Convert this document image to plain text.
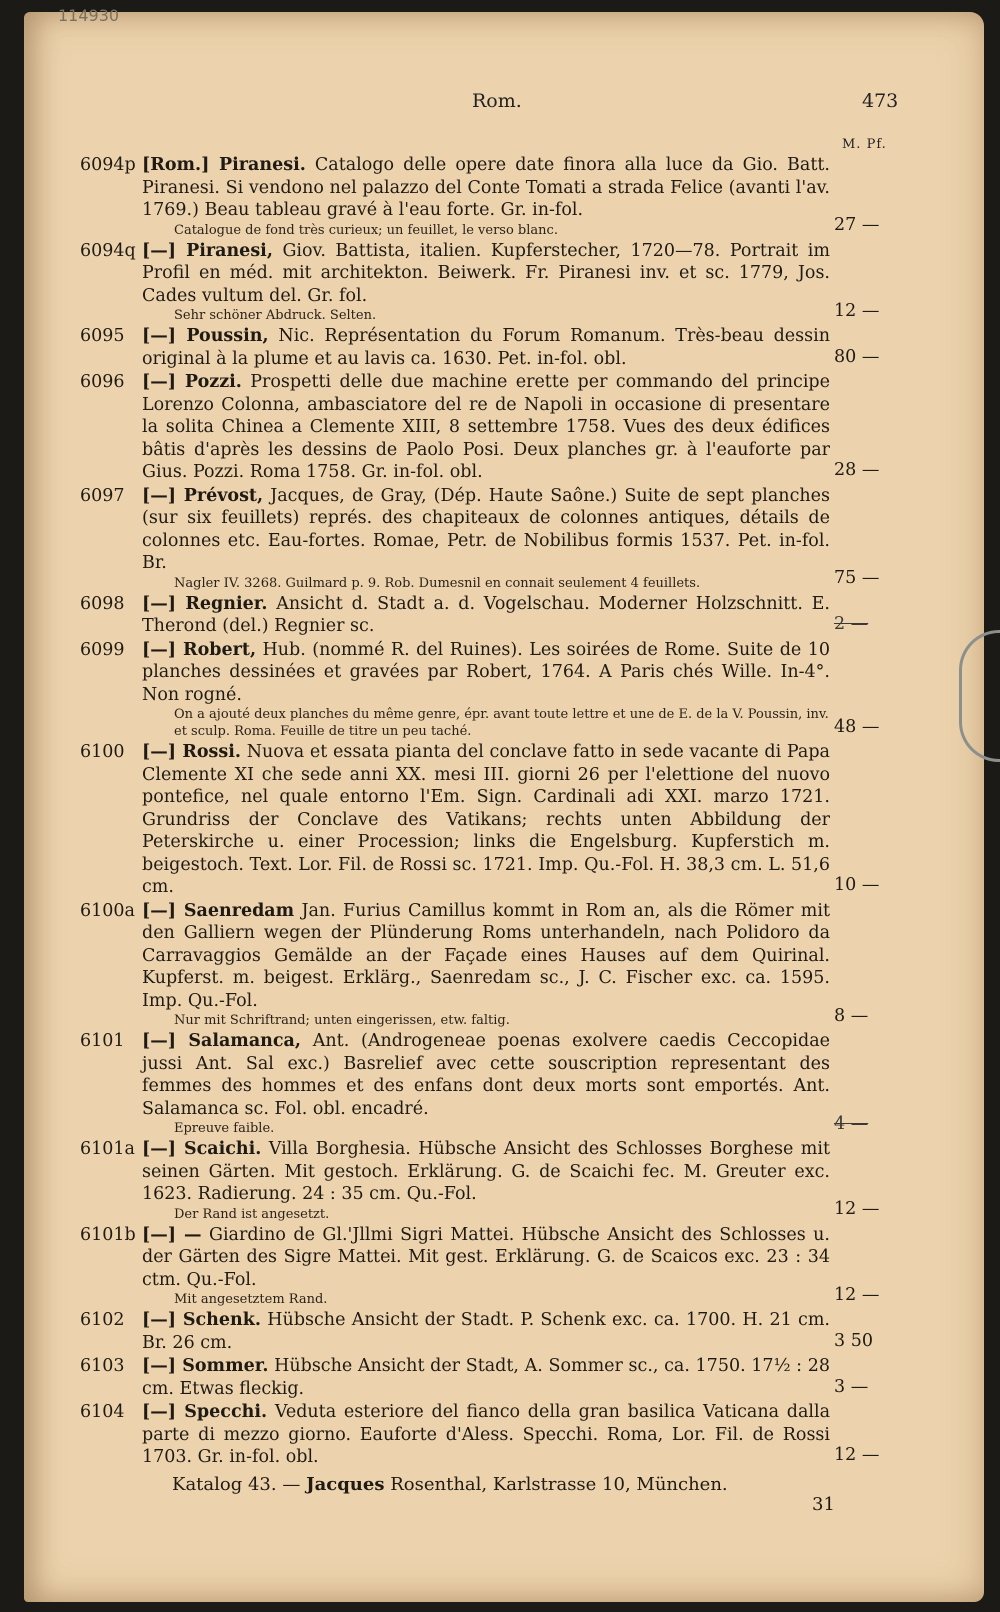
114930
Rom.	473
M. Pf.
6094p [Rom.] Piranesi. Catalogo delle opere date finora alla luce da Gio. Batt. Piranesi. Si vendono nel palazzo del Conte Tomati a strada Felice (avanti l'av. 1769.) Beau tableau gravé à l'eau forte. Gr. in-fol.
Catalogue de fond très curieux; un feuillet, le verso blanc.	27 —
6094q [—] Piranesi, Giov. Battista, italien. Kupferstecher, 1720—78. Portrait im Profil en méd. mit architekton. Beiwerk. Fr. Piranesi inv. et sc. 1779, Jos. Cades vultum del. Gr. fol.
Sehr schöner Abdruck. Selten.	12 —
6095 [—] Poussin, Nic. Représentation du Forum Romanum. Très-beau dessin original à la plume et au lavis ca. 1630. Pet. in-fol. obl.	80 —
6096 [—] Pozzi. Prospetti delle due machine erette per commando del principe Lorenzo Colonna, ambasciatore del re de Napoli in occasione di presentare la solita Chinea a Clemente XIII, 8 settembre 1758. Vues des deux édifices bâtis d'après les dessins de Paolo Posi. Deux planches gr. à l'eauforte par Gius. Pozzi. Roma 1758. Gr. in-fol. obl.	28 —
6097 [—] Prévost, Jacques, de Gray, (Dép. Haute Saône.) Suite de sept planches (sur six feuillets) représ. des chapiteaux de colonnes antiques, détails de colonnes etc. Eau-fortes. Romae, Petr. de Nobilibus formis 1537. Pet. in-fol. Br.
Nagler IV. 3268. Guilmard p. 9. Rob. Dumesnil en connait seulement 4 feuillets.	75 —
6098 [—] Regnier. Ansicht d. Stadt a. d. Vogelschau. Moderner Holzschnitt. E. Therond (del.) Regnier sc.	2 —
6099 [—] Robert, Hub. (nommé R. del Ruines). Les soirées de Rome. Suite de 10 planches dessinées et gravées par Robert, 1764. A Paris chés Wille. In-4°. Non rogné.
On a ajouté deux planches du même genre, épr. avant toute lettre et une de E. de la V. Poussin, inv. et sculp. Roma. Feuille de titre un peu taché.	48 —
6100 [—] Rossi. Nuova et essata pianta del conclave fatto in sede vacante di Papa Clemente XI che sede anni XX. mesi III. giorni 26 per l'elettione del nuovo pontefice, nel quale entorno l'Em. Sign. Cardinali adi XXI. marzo 1721. Grundriss der Conclave des Vatikans; rechts unten Abbildung der Peterskirche u. einer Procession; links die Engelsburg. Kupferstich m. beigestoch. Text. Lor. Fil. de Rossi sc. 1721. Imp. Qu.-Fol. H. 38,3 cm. L. 51,6 cm.	10 —
6100a [—] Saenredam Jan. Furius Camillus kommt in Rom an, als die Römer mit den Galliern wegen der Plünderung Roms unterhandeln, nach Polidoro da Carravaggios Gemälde an der Façade eines Hauses auf dem Quirinal. Kupferst. m. beigest. Erklärg., Saenredam sc., J. C. Fischer exc. ca. 1595. Imp. Qu.-Fol.
Nur mit Schriftrand; unten eingerissen, etw. faltig.	8 —
6101 [—] Salamanca, Ant. (Androgeneae poenas exolvere caedis Ceccopidae jussi Ant. Sal exc.) Basrelief avec cette souscription representant des femmes des hommes et des enfans dont deux morts sont emportés. Ant. Salamanca sc. Fol. obl. encadré.
Epreuve faible.	4 —
6101a [—] Scaichi. Villa Borghesia. Hübsche Ansicht des Schlosses Borghese mit seinen Gärten. Mit gestoch. Erklärung. G. de Scaichi fec. M. Greuter exc. 1623. Radierung. 24 : 35 cm. Qu.-Fol.
Der Rand ist angesetzt.	12 —
6101b [—] — Giardino de Gl.'Jllmi Sigri Mattei. Hübsche Ansicht des Schlosses u. der Gärten des Sigre Mattei. Mit gest. Erklärung. G. de Scaicos exc. 23 : 34 ctm. Qu.-Fol.
Mit angesetztem Rand.	12 —
6102 [—] Schenk. Hübsche Ansicht der Stadt. P. Schenk exc. ca. 1700. H. 21 cm. Br. 26 cm.	3 50
6103 [—] Sommer. Hübsche Ansicht der Stadt, A. Sommer sc., ca. 1750. 17½ : 28 cm. Etwas fleckig.	3 —
6104 [—] Specchi. Veduta esteriore del fianco della gran basilica Vaticana dalla parte di mezzo giorno. Eauforte d'Aless. Specchi. Roma, Lor. Fil. de Rossi 1703. Gr. in-fol. obl.	12 —
Katalog 43. — Jacques Rosenthal, Karlstrasse 10, München.
31
